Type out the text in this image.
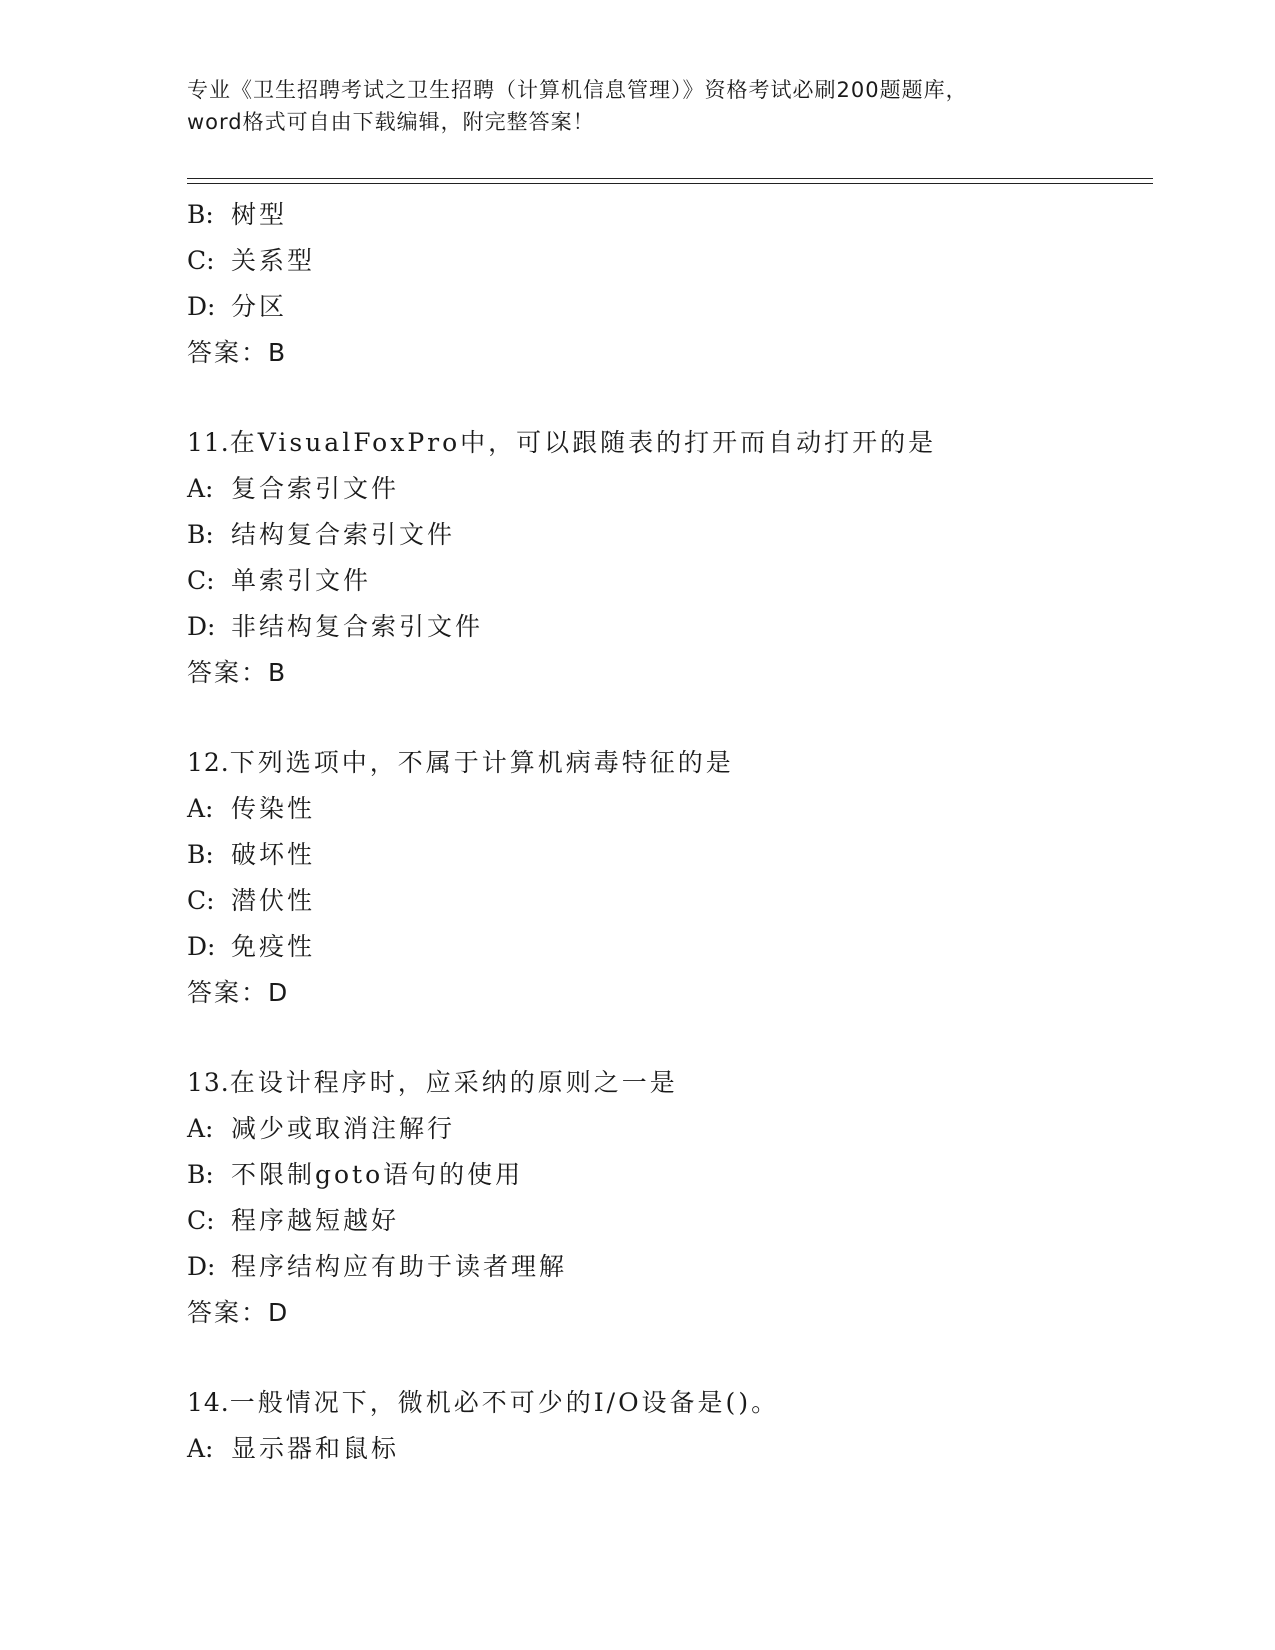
专业《卫生招聘考试之卫生招聘（计算机信息管理）》资格考试必刷200题题库，
word格式可自由下载编辑，附完整答案！
B: 树型
C: 关系型
D: 分区
答案：B
11.在VisualFoxPro中，可以跟随表的打开而自动打开的是
A: 复合索引文件
B: 结构复合索引文件
C: 单索引文件
D: 非结构复合索引文件
答案：B
12.下列选项中，不属于计算机病毒特征的是
A: 传染性
B: 破坏性
C: 潜伏性
D: 免疫性
答案：D
13.在设计程序时，应采纳的原则之一是
A: 减少或取消注解行
B: 不限制goto语句的使用
C: 程序越短越好
D: 程序结构应有助于读者理解
答案：D
14.一般情况下，微机必不可少的I/O设备是()。
A: 显示器和鼠标
